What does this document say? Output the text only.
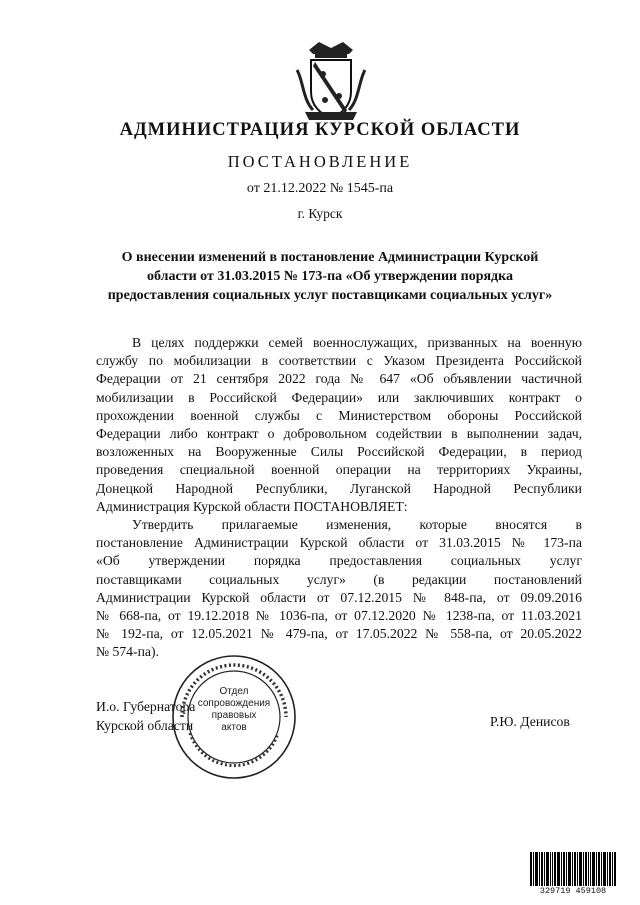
АДМИНИСТРАЦИЯ КУРСКОЙ ОБЛАСТИ
ПОСТАНОВЛЕНИЕ
от 21.12.2022 № 1545-па
г. Курск
О внесении изменений в постановление Администрации Курской
области от 31.03.2015 № 173-па «Об утверждении порядка
предоставления социальных услуг поставщиками социальных услуг»
В целях поддержки семей военнослужащих, призванных на военную
службу по мобилизации в соответствии с Указом Президента Российской
Федерации от 21 сентября 2022 года № 647 «Об объявлении частичной
мобилизации в Российской Федерации» или заключивших контракт о
прохождении военной службы с Министерством обороны Российской
Федерации либо контракт о добровольном содействии в выполнении задач,
возложенных на Вооруженные Силы Российской Федерации, в период
проведения специальной военной операции на территориях Украины,
Донецкой Народной Республики, Луганской Народной Республики
Администрация Курской области ПОСТАНОВЛЯЕТ:
Утвердить прилагаемые изменения, которые вносятся в
постановление Администрации Курской области от 31.03.2015 № 173-па
«Об утверждении порядка предоставления социальных услуг
поставщиками социальных услуг» (в редакции постановлений
Администрации Курской области от 07.12.2015 № 848-па, от 09.09.2016
№ 668-па, от 19.12.2018 № 1036-па, от 07.12.2020 № 1238-па, от 11.03.2021
№ 192-па, от 12.05.2021 № 479-па, от 17.05.2022 № 558-па, от 20.05.2022
№ 574-па).
И.о. Губернатора
Курской области	Р.Ю. Денисов
Отдел
сопровождения
правовых
актов
329719 459108
